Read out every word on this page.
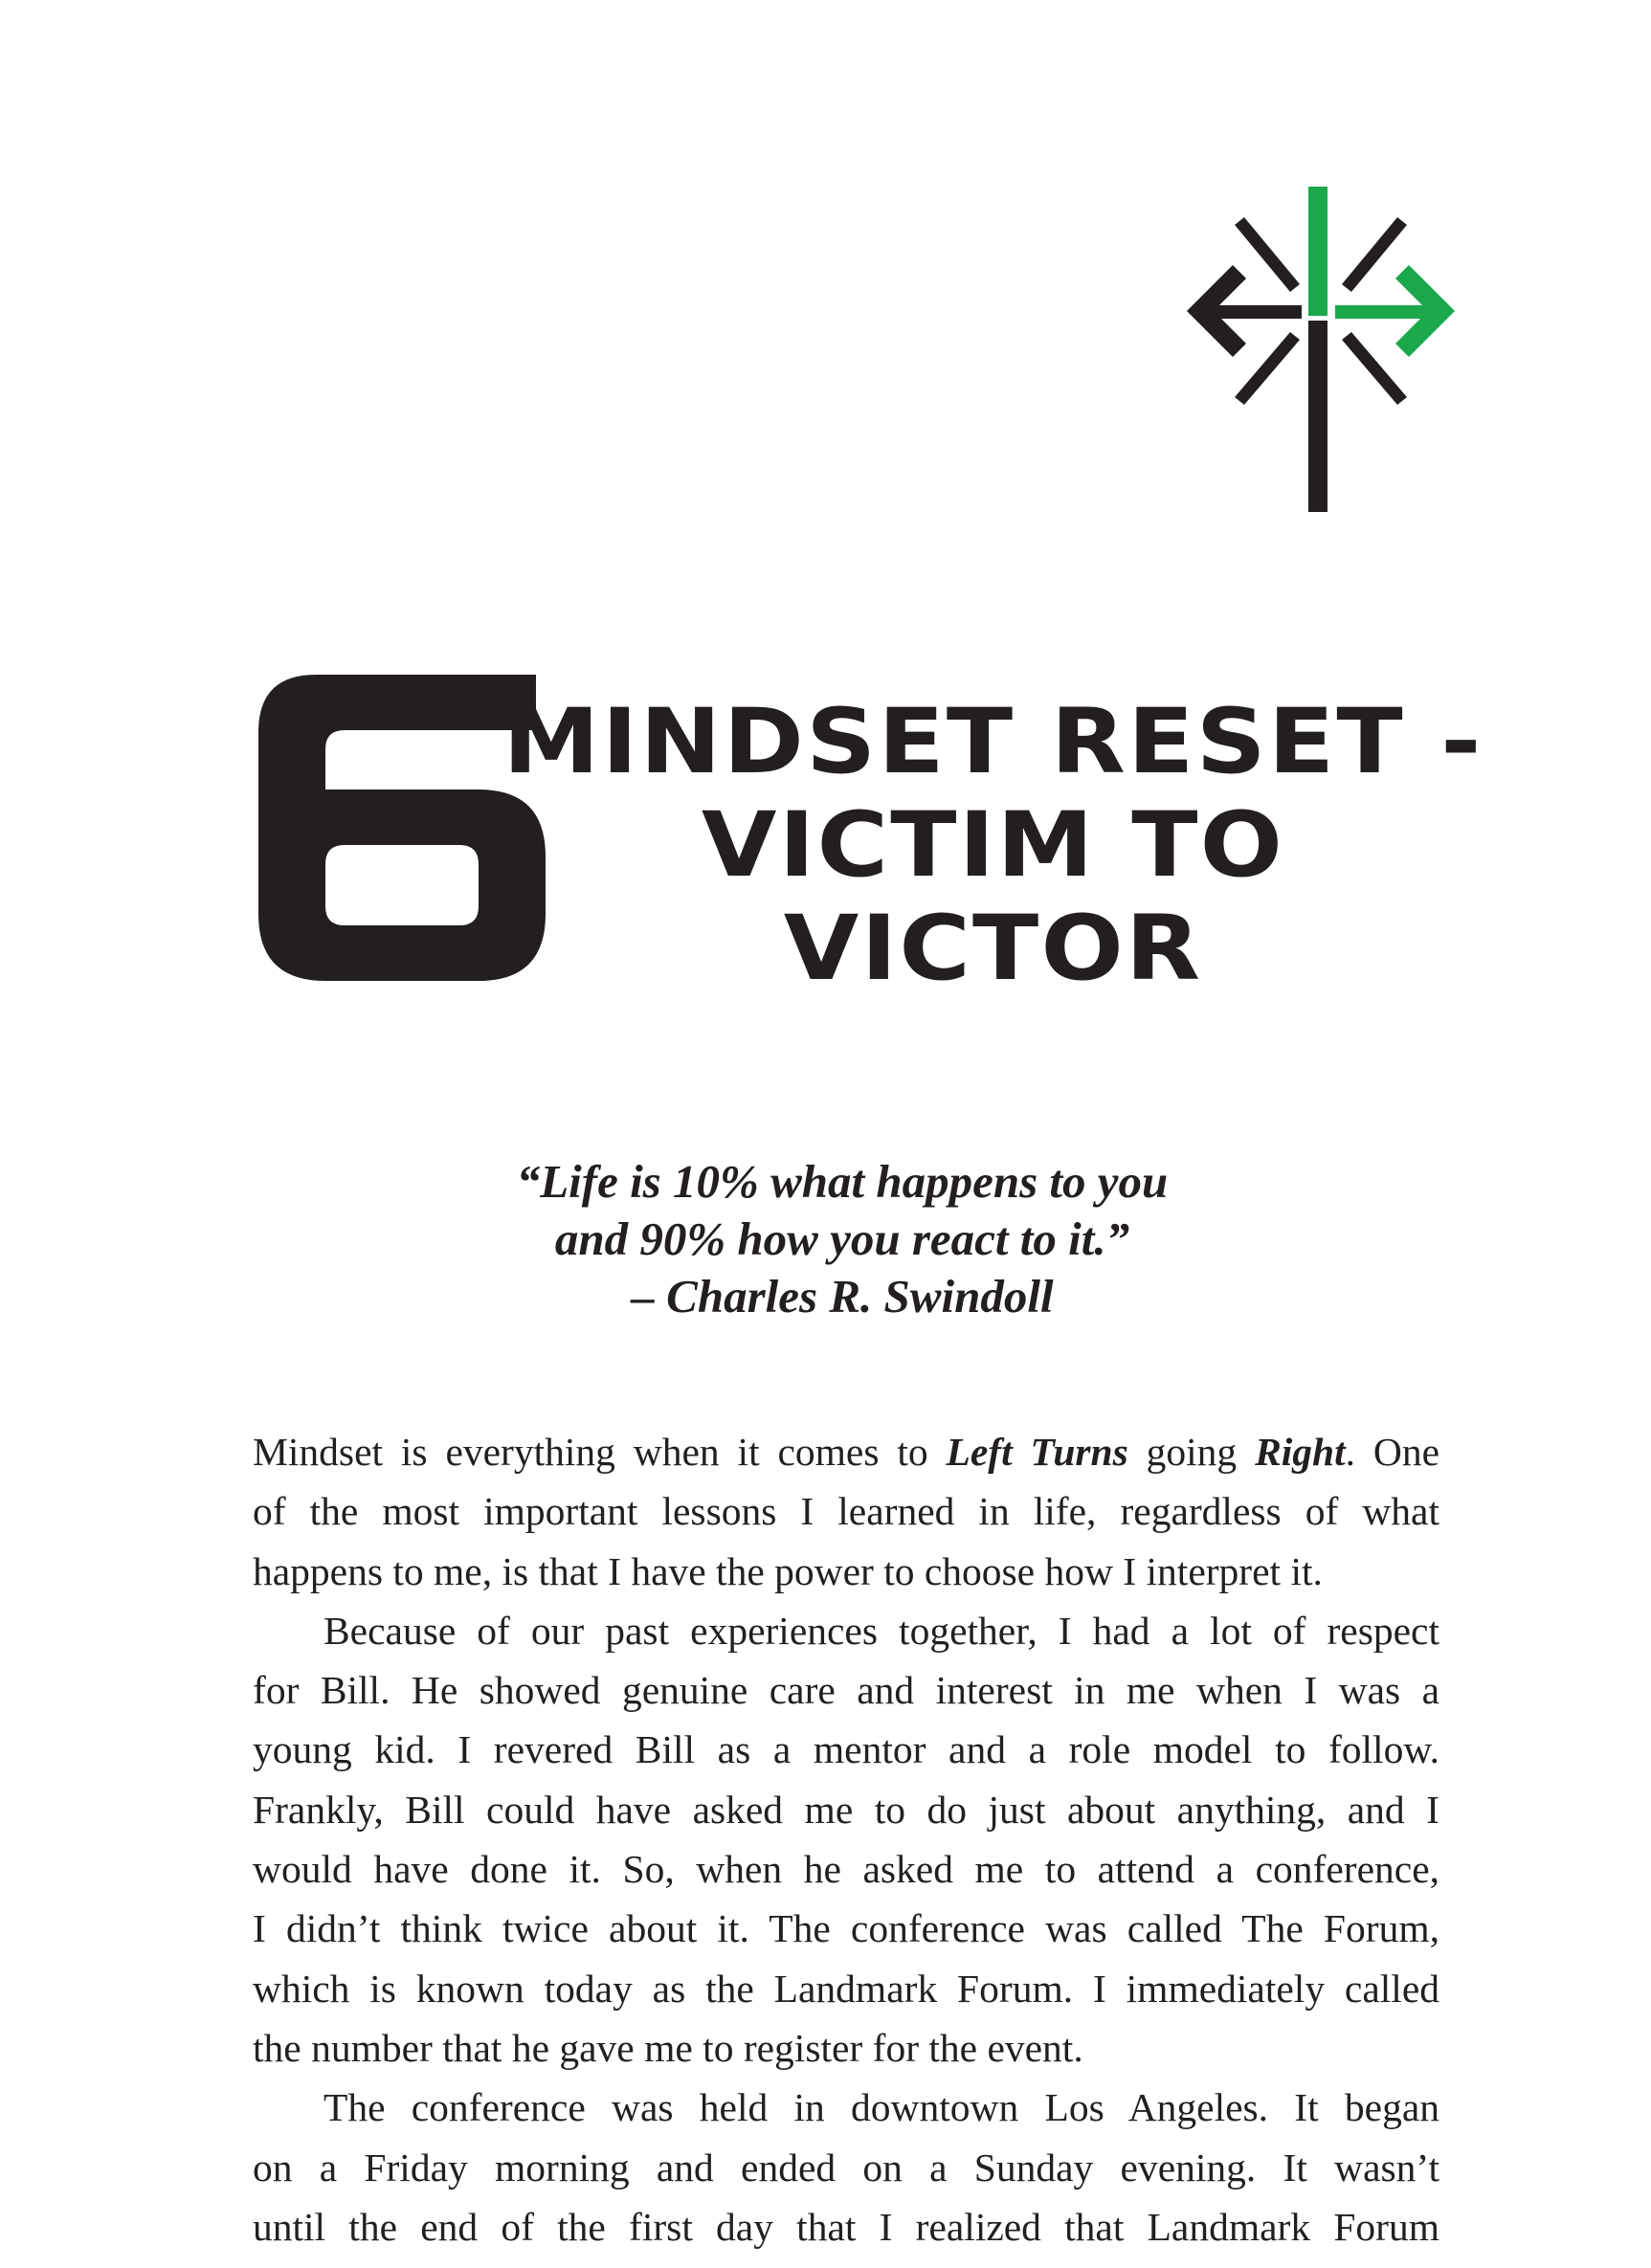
6
MINDSET RESET -
VICTIM TO
VICTOR
“Life is 10% what happens to you
and 90% how you react to it.”
– Charles R. Swindoll

Mindset is everything when it comes to Left Turns going Right. One
of the most important lessons I learned in life, regardless of what
happens to me, is that I have the power to choose how I interpret it.

Because of our past experiences together, I had a lot of respect
for Bill. He showed genuine care and interest in me when I was a
young kid. I revered Bill as a mentor and a role model to follow.
Frankly, Bill could have asked me to do just about anything, and I
would have done it. So, when he asked me to attend a conference,
I didn’t think twice about it. The conference was called The Forum,
which is known today as the Landmark Forum. I immediately called
the number that he gave me to register for the event.

The conference was held in downtown Los Angeles. It began
on a Friday morning and ended on a Sunday evening. It wasn’t
until the end of the first day that I realized that Landmark Forum
